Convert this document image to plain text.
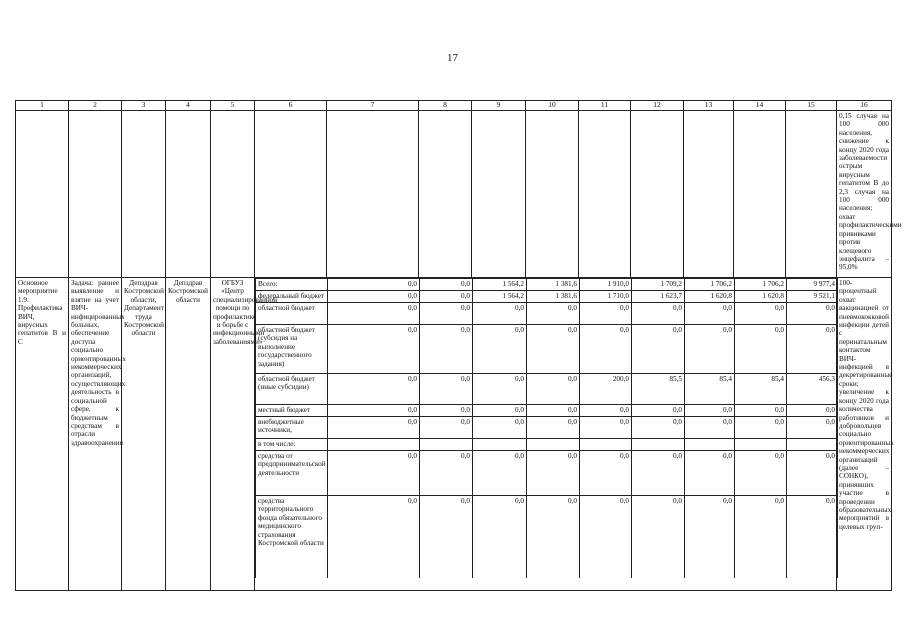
17
1	2	3	4	5	6	7	8	9	10	11	12	13	14	15	16
															0,15 случая на 100 000 населения, снижение к концу 2020 года заболеваемости острым вирусным гепатитом В до 2,3 случая на 100 000 населения; охват профилактическими прививками против клещевого энцефалита – 95,0%
Основное мероприятие 1.9. Профилактика ВИЧ, вирусных гепатитов В и С	Задача: раннее выявление и взятие на учет ВИЧ-инфицированных больных, обеспечение доступа социально ориентированных некоммерческих организаций, осуществляющих деятельность в социальной сфере, к бюджетным средствам в отрасли здравоохранения	Депздрав Костромской области, Департамент труда Костромской области	Депздрав Костромской области	ОГБУЗ «Центр специализированной помощи по профилактике и борьбе с инфекционными заболеваниями»	
Всего:	0,0	0,0	1 564,2	1 381,6	1 910,0	1 709,2	1 706,2	1 706,2	9 977,4
федеральный бюджет	0,0	0,0	1 564,2	1 381,6	1 710,0	1 623,7	1 620,8	1 620,8	9 521,1
областной бюджет	0,0	0,0	0,0	0,0	0,0	0,0	0,0	0,0	0,0
областной бюджет (субсидия на выполнение государственного задания)	0,0	0,0	0,0	0,0	0,0	0,0	0,0	0,0	0,0
областной бюджет (иные субсидии)	0,0	0,0	0,0	0,0	200,0	85,5	85,4	85,4	456,3
местный бюджет	0,0	0,0	0,0	0,0	0,0	0,0	0,0	0,0	0,0
внебюджетные источники,	0,0	0,0	0,0	0,0	0,0	0,0	0,0	0,0	0,0
в том числе:									
средства от предпринимательской деятельности	0,0	0,0	0,0	0,0	0,0	0,0	0,0	0,0	0,0
средства территориального фонда обязательного медицинского страхования Костромской области	0,0	0,0	0,0	0,0	0,0	0,0	0,0	0,0	0,0
	100-процентный охват вакцинацией от пневмококковой инфекции детей с перинатальным контактом ВИЧ-инфекцией в декретированные сроки; увеличение к концу 2020 года количества работников и добровольцев социально ориентированных некоммерческих организаций (далее – СОНКО), принявших участие в проведении образовательных мероприятий в целевых груп-
